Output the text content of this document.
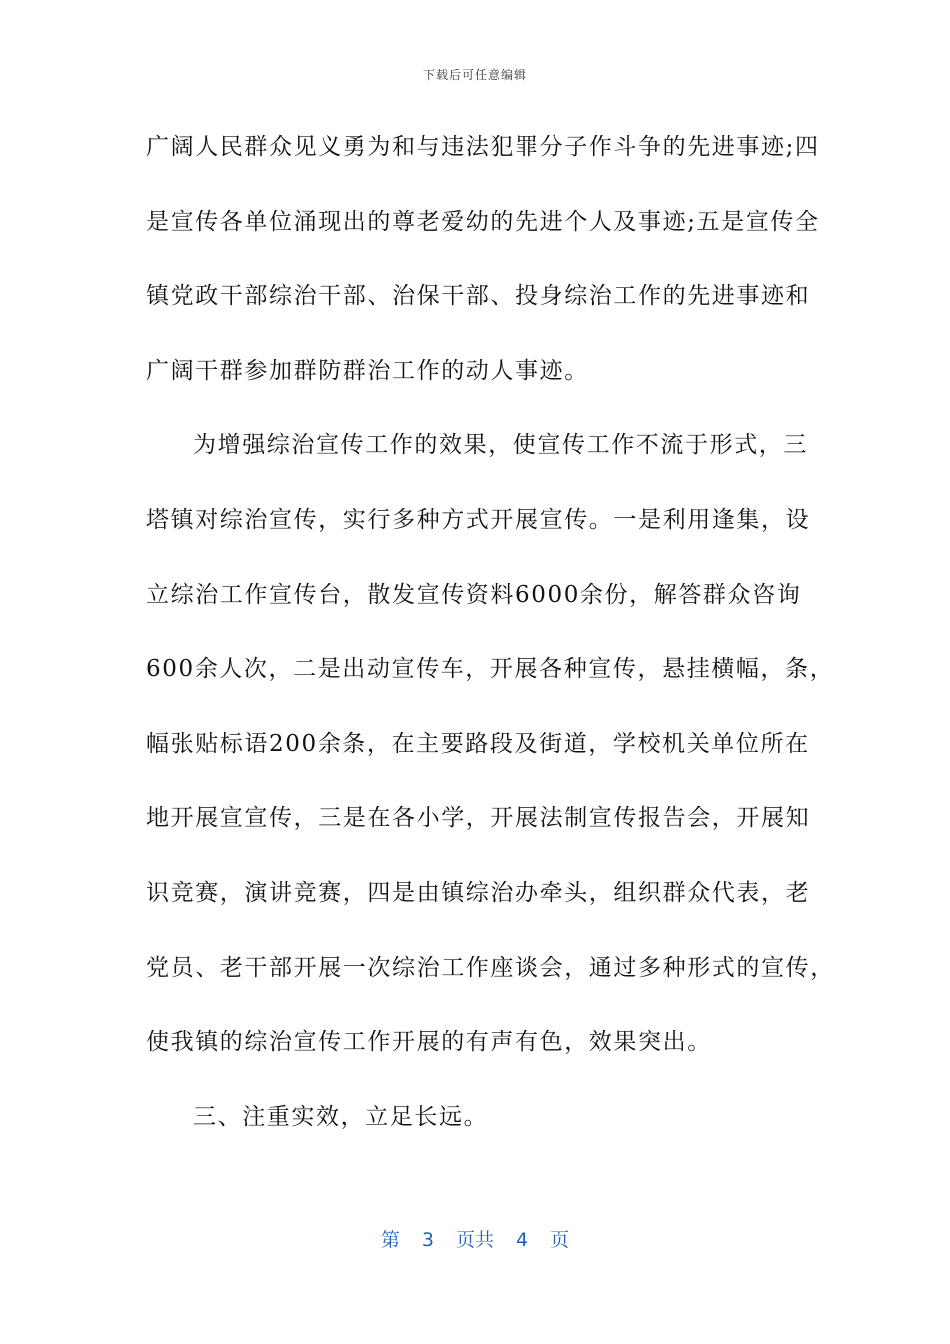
下载后可任意编辑
广阔人民群众见义勇为和与违法犯罪分子作斗争的先进事迹;四
是宣传各单位涌现出的尊老爱幼的先进个人及事迹;五是宣传全
镇党政干部综治干部、治保干部、投身综治工作的先进事迹和
广阔干群参加群防群治工作的动人事迹。
为增强综治宣传工作的效果，使宣传工作不流于形式，三
塔镇对综治宣传，实行多种方式开展宣传。一是利用逢集，设
立综治工作宣传台，散发宣传资料6000余份，解答群众咨询
600余人次，二是出动宣传车，开展各种宣传，悬挂横幅，条，
幅张贴标语200余条，在主要路段及街道，学校机关单位所在
地开展宣宣传，三是在各小学，开展法制宣传报告会，开展知
识竞赛，演讲竞赛，四是由镇综治办牵头，组织群众代表，老
党员、老干部开展一次综治工作座谈会，通过多种形式的宣传，
使我镇的综治宣传工作开展的有声有色，效果突出。
三、注重实效，立足长远。
第 3 页共 4 页
